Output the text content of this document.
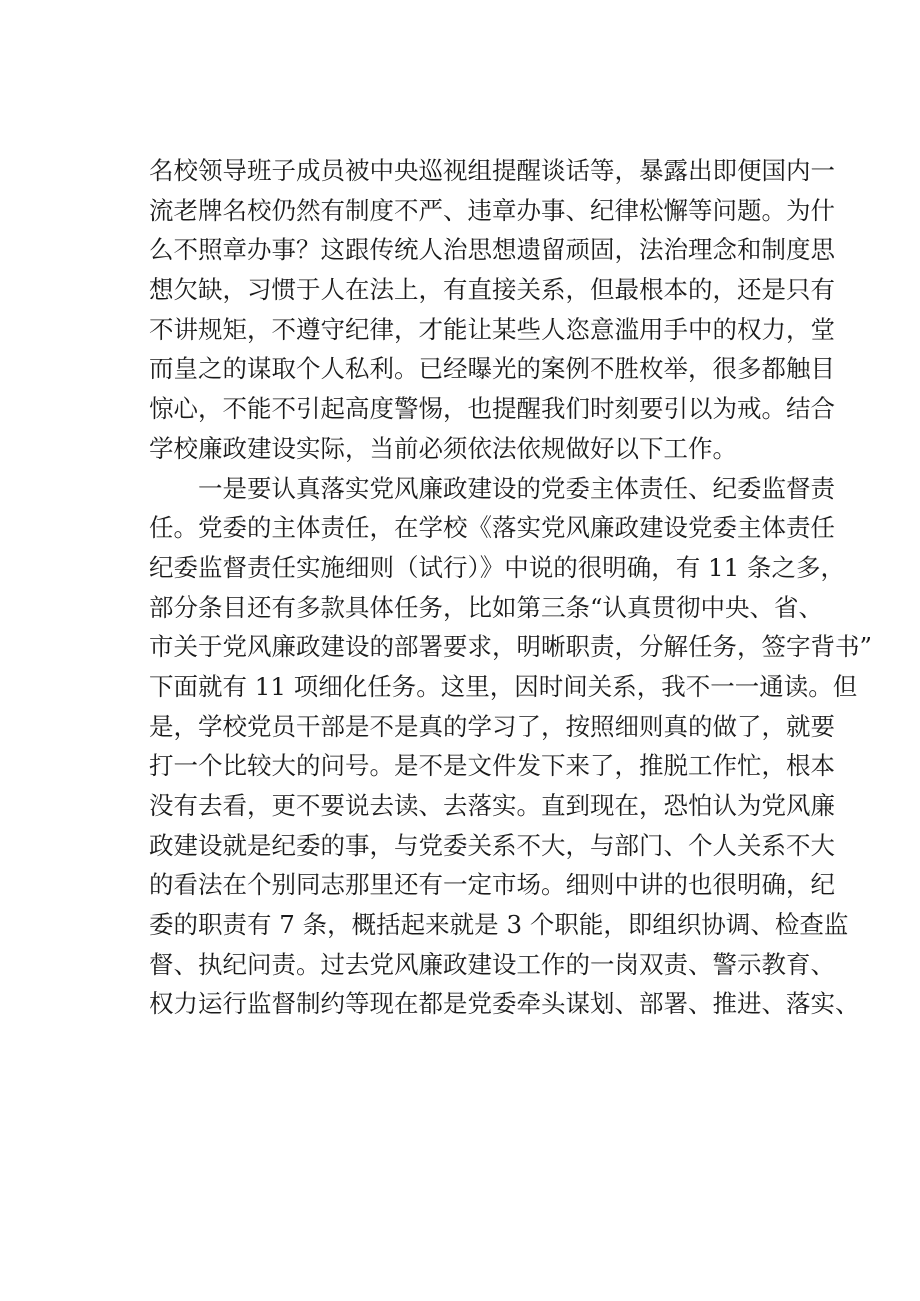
名校领导班子成员被中央巡视组提醒谈话等，暴露出即便国内一
流老牌名校仍然有制度不严、违章办事、纪律松懈等问题。为什
么不照章办事？这跟传统人治思想遗留顽固，法治理念和制度思
想欠缺，习惯于人在法上，有直接关系，但最根本的，还是只有
不讲规矩，不遵守纪律，才能让某些人恣意滥用手中的权力，堂
而皇之的谋取个人私利。已经曝光的案例不胜枚举，很多都触目
惊心，不能不引起高度警惕，也提醒我们时刻要引以为戒。结合
学校廉政建设实际，当前必须依法依规做好以下工作。
　　一是要认真落实党风廉政建设的党委主体责任、纪委监督责
任。党委的主体责任，在学校《落实党风廉政建设党委主体责任
纪委监督责任实施细则（试行）》中说的很明确，有 11 条之多，
部分条目还有多款具体任务，比如第三条“认真贯彻中央、省、
市关于党风廉政建设的部署要求，明晰职责，分解任务，签字背书”
下面就有 11 项细化任务。这里，因时间关系，我不一一通读。但
是，学校党员干部是不是真的学习了，按照细则真的做了，就要
打一个比较大的问号。是不是文件发下来了，推脱工作忙，根本
没有去看，更不要说去读、去落实。直到现在，恐怕认为党风廉
政建设就是纪委的事，与党委关系不大，与部门、个人关系不大
的看法在个别同志那里还有一定市场。细则中讲的也很明确，纪
委的职责有 7 条，概括起来就是 3 个职能，即组织协调、检查监
督、执纪问责。过去党风廉政建设工作的一岗双责、警示教育、
权力运行监督制约等现在都是党委牵头谋划、部署、推进、落实、
